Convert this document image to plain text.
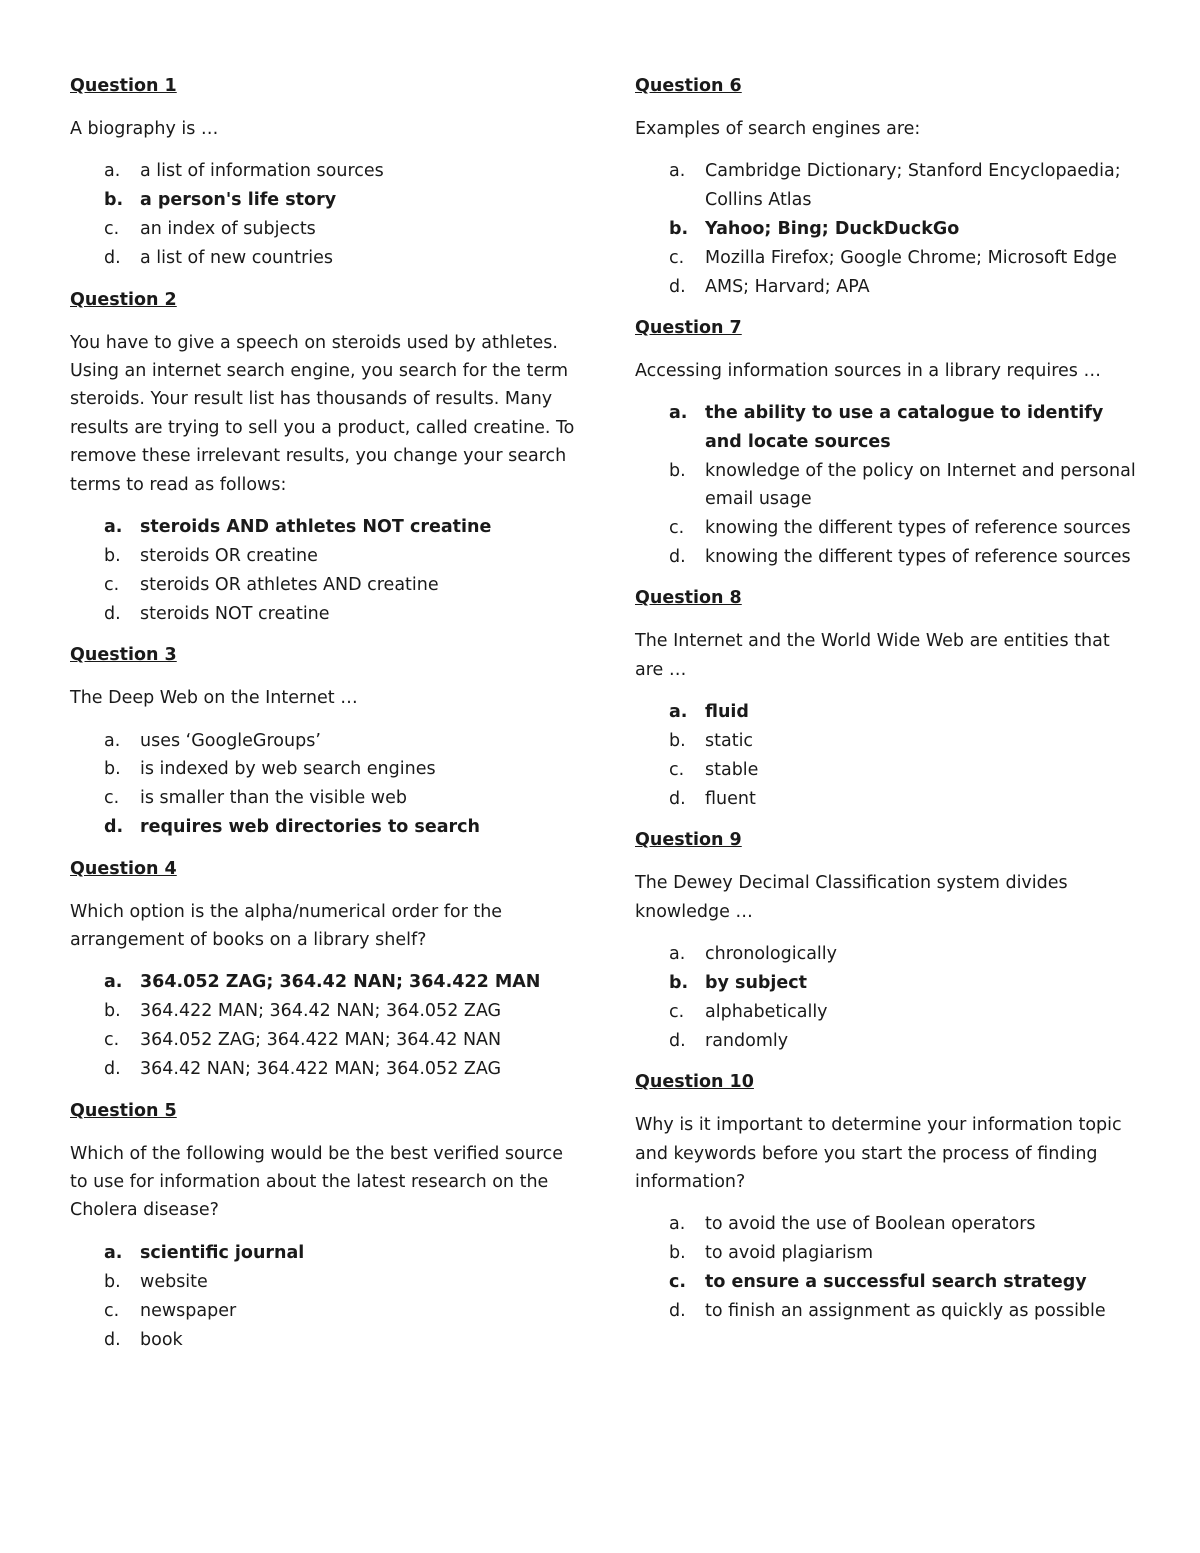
Question 1
A biography is …
a.	a list of information sources
b. a person's life story
c.	an index of subjects
d.	a list of new countries
Question 2
You have to give a speech on steroids used by athletes. Using an internet search engine, you search for the term steroids. Your result list has thousands of results. Many results are trying to sell you a product, called creatine. To remove these irrelevant results, you change your search terms to read as follows:
a.	steroids AND athletes NOT creatine
b.	steroids OR creatine
c.	steroids OR athletes AND creatine
d.	steroids NOT creatine
Question 3
The Deep Web on the Internet …
a.	uses ‘GoogleGroups’
b.	is indexed by web search engines
c.	is smaller than the visible web
d. requires web directories to search
Question 4
Which option is the alpha/numerical order for the arrangement of books on a library shelf?
a.	364.052 ZAG; 364.42 NAN; 364.422 MAN
b.	364.422 MAN; 364.42 NAN; 364.052 ZAG
c.	364.052 ZAG; 364.422 MAN; 364.42 NAN
d.	364.42 NAN; 364.422 MAN; 364.052 ZAG
Question 5
Which of the following would be the best verified source to use for information about the latest research on the Cholera disease?
a.	scientific journal
b.	website
c.	newspaper
d.	book
Question 6
Examples of search engines are:
a.	Cambridge Dictionary; Stanford Encyclopaedia; Collins Atlas
b. Yahoo; Bing; DuckDuckGo
c.	Mozilla Firefox; Google Chrome; Microsoft Edge
d.	AMS; Harvard; APA
Question 7
Accessing information sources in a library requires …
a.	the ability to use a catalogue to identify and locate sources
b.	knowledge of the policy on Internet and personal email usage
c.	knowing the different types of reference sources
d.	knowing the different types of reference sources
Question 8
The Internet and the World Wide Web are entities that are …
a.	fluid
b.	static
c.	stable
d.	fluent
Question 9
The Dewey Decimal Classification system divides knowledge …
a.	chronologically
b. by subject
c.	alphabetically
d.	randomly
Question 10
Why is it important to determine your information topic and keywords before you start the process of finding information?
a.	to avoid the use of Boolean operators
b.	to avoid plagiarism
c.	to ensure a successful search strategy
d.	to finish an assignment as quickly as possible
